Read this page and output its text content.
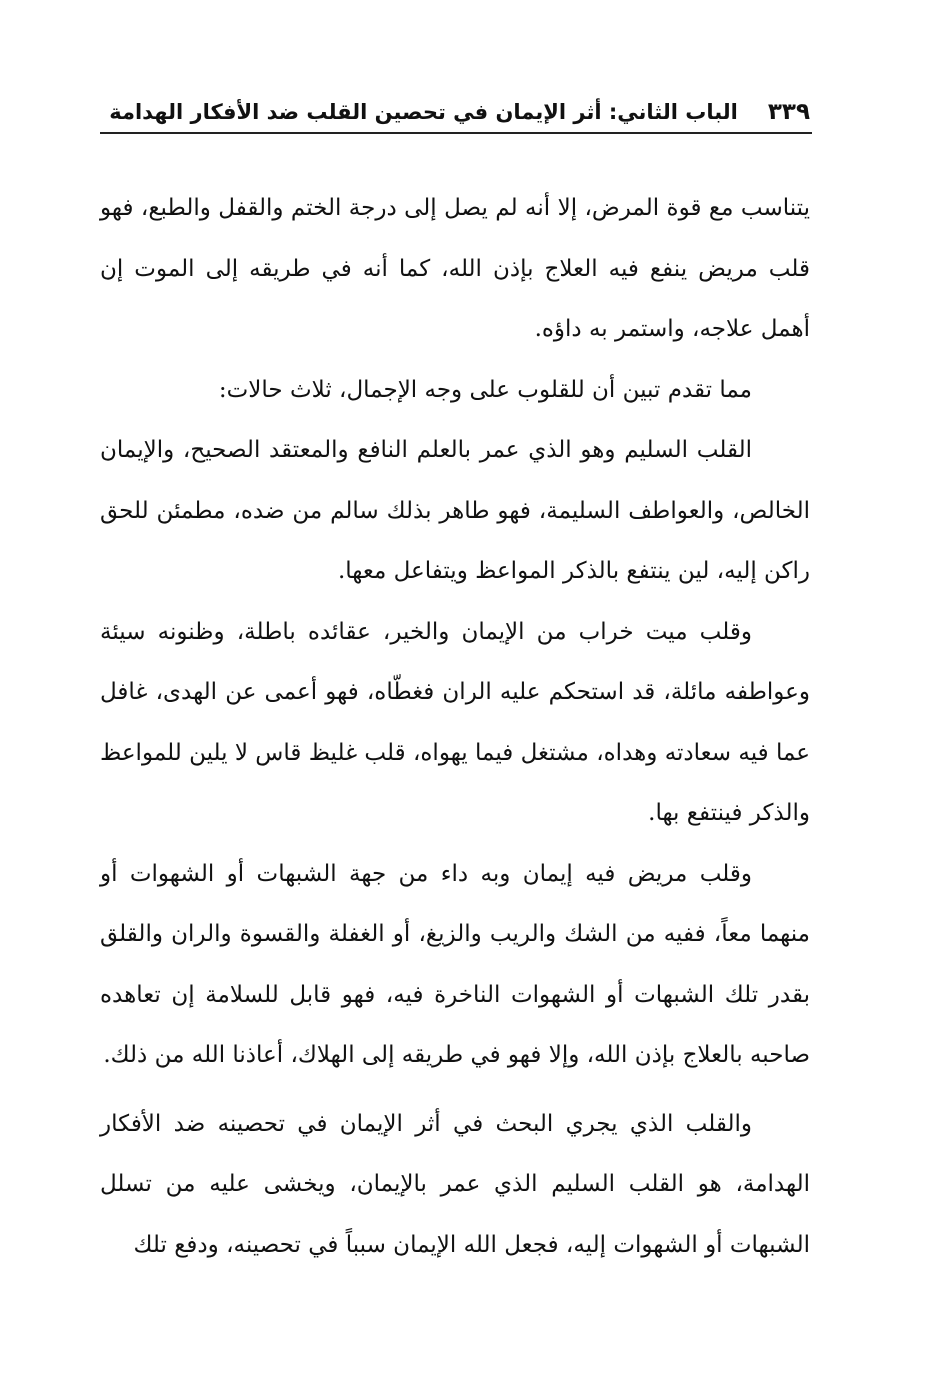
٣٣٩
الباب الثاني: أثر الإيمان في تحصين القلب ضد الأفكار الهدامة

يتناسب مع قوة المرض، إلا أنه لم يصل إلى درجة الختم والقفل والطبع، فهو قلب مريض ينفع فيه العلاج بإذن الله، كما أنه في طريقه إلى الموت إن أهمل علاجه، واستمر به داؤه.

مما تقدم تبين أن للقلوب على وجه الإجمال، ثلاث حالات:

القلب السليم وهو الذي عمر بالعلم النافع والمعتقد الصحيح، والإيمان الخالص، والعواطف السليمة، فهو طاهر بذلك سالم من ضده، مطمئن للحق راكن إليه، لين ينتفع بالذكر المواعظ ويتفاعل معها.

وقلب ميت خراب من الإيمان والخير، عقائده باطلة، وظنونه سيئة وعواطفه مائلة، قد استحكم عليه الران فغطّاه، فهو أعمى عن الهدى، غافل عما فيه سعادته وهداه، مشتغل فيما يهواه، قلب غليظ قاس لا يلين للمواعظ والذكر فينتفع بها.

وقلب مريض فيه إيمان وبه داء من جهة الشبهات أو الشهوات أو منهما معاً، ففيه من الشك والريب والزيغ، أو الغفلة والقسوة والران والقلق بقدر تلك الشبهات أو الشهوات الناخرة فيه، فهو قابل للسلامة إن تعاهده صاحبه بالعلاج بإذن الله، وإلا فهو في طريقه إلى الهلاك، أعاذنا الله من ذلك.

والقلب الذي يجري البحث في أثر الإيمان في تحصينه ضد الأفكار الهدامة، هو القلب السليم الذي عمر بالإيمان، ويخشى عليه من تسلل الشبهات أو الشهوات إليه، فجعل الله الإيمان سبباً في تحصينه، ودفع تلك
